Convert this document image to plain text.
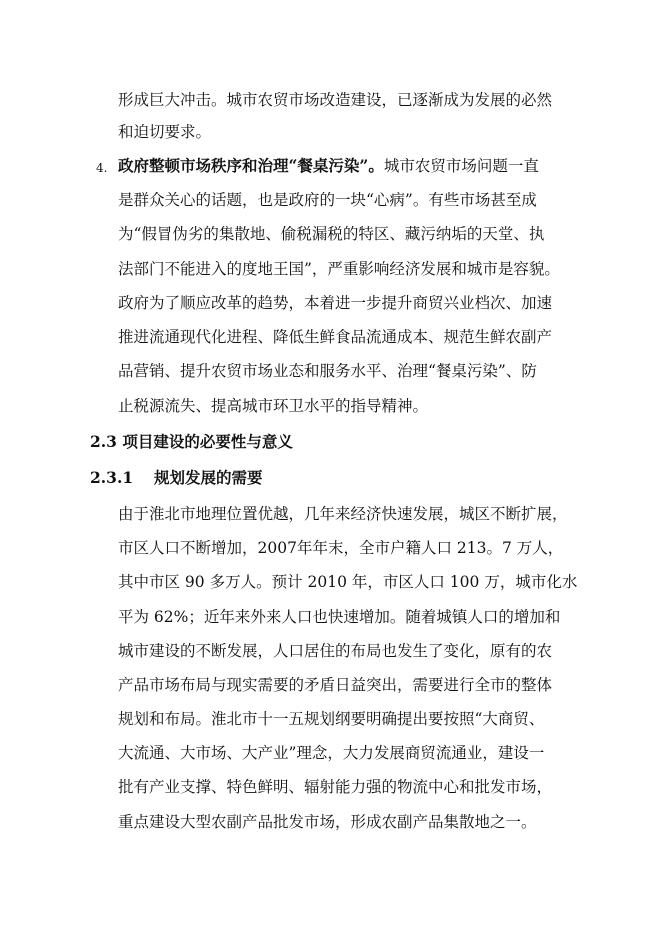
形成巨大冲击。城市农贸市场改造建设，已逐渐成为发展的必然
和迫切要求。
4. 政府整顿市场秩序和治理“餐桌污染”。城市农贸市场问题一直
是群众关心的话题，也是政府的一块“心病”。有些市场甚至成
为“假冒伪劣的集散地、偷税漏税的特区、藏污纳垢的天堂、执
法部门不能进入的度地王国”，严重影响经济发展和城市是容貌。
政府为了顺应改革的趋势，本着进一步提升商贸兴业档次、加速
推进流通现代化进程、降低生鲜食品流通成本、规范生鲜农副产
品营销、提升农贸市场业态和服务水平、治理“餐桌污染”、防
止税源流失、提高城市环卫水平的指导精神。
2.3 项目建设的必要性与意义
2.3.1 规划发展的需要
由于淮北市地理位置优越，几年来经济快速发展，城区不断扩展，
市区人口不断增加，2007年年末，全市户籍人口 213。7 万人，
其中市区 90 多万人。预计 2010 年，市区人口 100 万，城市化水
平为 62%；近年来外来人口也快速增加。随着城镇人口的增加和
城市建设的不断发展，人口居住的布局也发生了变化，原有的农
产品市场布局与现实需要的矛盾日益突出，需要进行全市的整体
规划和布局。淮北市十一五规划纲要明确提出要按照“大商贸、
大流通、大市场、大产业”理念，大力发展商贸流通业，建设一
批有产业支撑、特色鲜明、辐射能力强的物流中心和批发市场，
重点建设大型农副产品批发市场，形成农副产品集散地之一。
